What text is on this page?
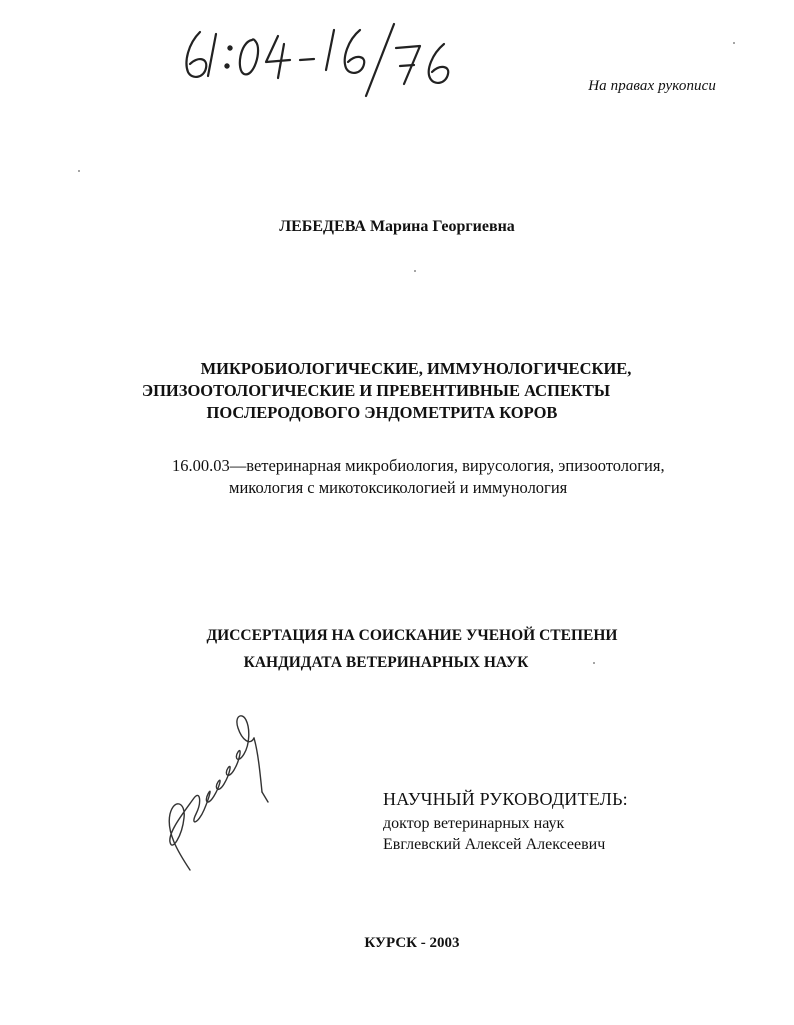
На правах рукописи
ЛЕБЕДЕВА Марина Георгиевна
МИКРОБИОЛОГИЧЕСКИЕ, ИММУНОЛОГИЧЕСКИЕ,
ЭПИЗООТОЛОГИЧЕСКИЕ И ПРЕВЕНТИВНЫЕ АСПЕКТЫ
ПОСЛЕРОДОВОГО ЭНДОМЕТРИТА КОРОВ
16.00.03—ветеринарная микробиология, вирусология, эпизоотология,
микология с микотоксикологией и иммунология
ДИССЕРТАЦИЯ НА СОИСКАНИЕ УЧЕНОЙ СТЕПЕНИ
КАНДИДАТА ВЕТЕРИНАРНЫХ НАУК
НАУЧНЫЙ РУКОВОДИТЕЛЬ:
доктор ветеринарных наук
Евглевский Алексей Алексеевич
КУРСК - 2003
